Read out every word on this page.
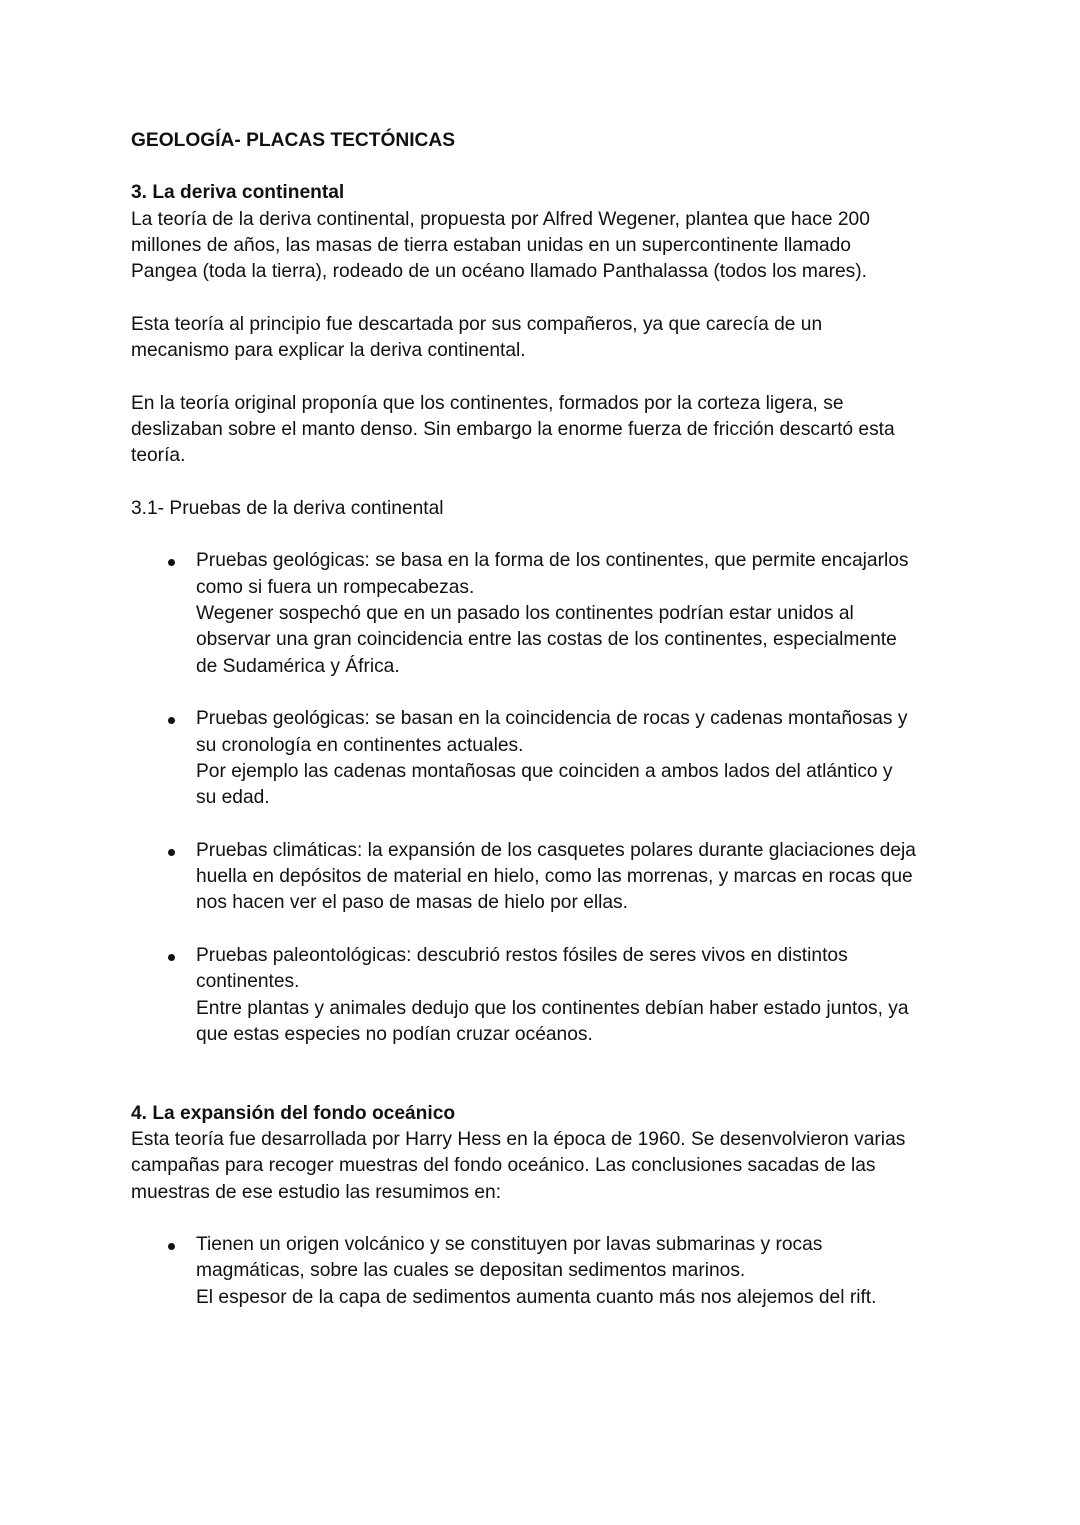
GEOLOGÍA- PLACAS TECTÓNICAS
3. La deriva continental

La teoría de la deriva continental, propuesta por Alfred Wegener, plantea que hace 200
millones de años, las masas de tierra estaban unidas en un supercontinente llamado
Pangea (toda la tierra), rodeado de un océano llamado Panthalassa (todos los mares).

Esta teoría al principio fue descartada por sus compañeros, ya que carecía de un
mecanismo para explicar la deriva continental.

En la teoría original proponía que los continentes, formados por la corteza ligera, se
deslizaban sobre el manto denso. Sin embargo la enorme fuerza de fricción descartó esta
teoría.

3.1- Pruebas de la deriva continental

Pruebas geológicas: se basa en la forma de los continentes, que permite encajarlos
como si fuera un rompecabezas.
Wegener sospechó que en un pasado los continentes podrían estar unidos al
observar una gran coincidencia entre las costas de los continentes, especialmente
de Sudamérica y África.
Pruebas geológicas: se basan en la coincidencia de rocas y cadenas montañosas y
su cronología en continentes actuales.
Por ejemplo las cadenas montañosas que coinciden a ambos lados del atlántico y
su edad.
Pruebas climáticas: la expansión de los casquetes polares durante glaciaciones deja
huella en depósitos de material en hielo, como las morrenas, y marcas en rocas que
nos hacen ver el paso de masas de hielo por ellas.
Pruebas paleontológicas: descubrió restos fósiles de seres vivos en distintos
continentes.
Entre plantas y animales dedujo que los continentes debían haber estado juntos, ya
que estas especies no podían cruzar océanos.
4. La expansión del fondo oceánico

Esta teoría fue desarrollada por Harry Hess en la época de 1960. Se desenvolvieron varias
campañas para recoger muestras del fondo oceánico. Las conclusiones sacadas de las
muestras de ese estudio las resumimos en:

Tienen un origen volcánico y se constituyen por lavas submarinas y rocas
magmáticas, sobre las cuales se depositan sedimentos marinos.
El espesor de la capa de sedimentos aumenta cuanto más nos alejemos del rift.
